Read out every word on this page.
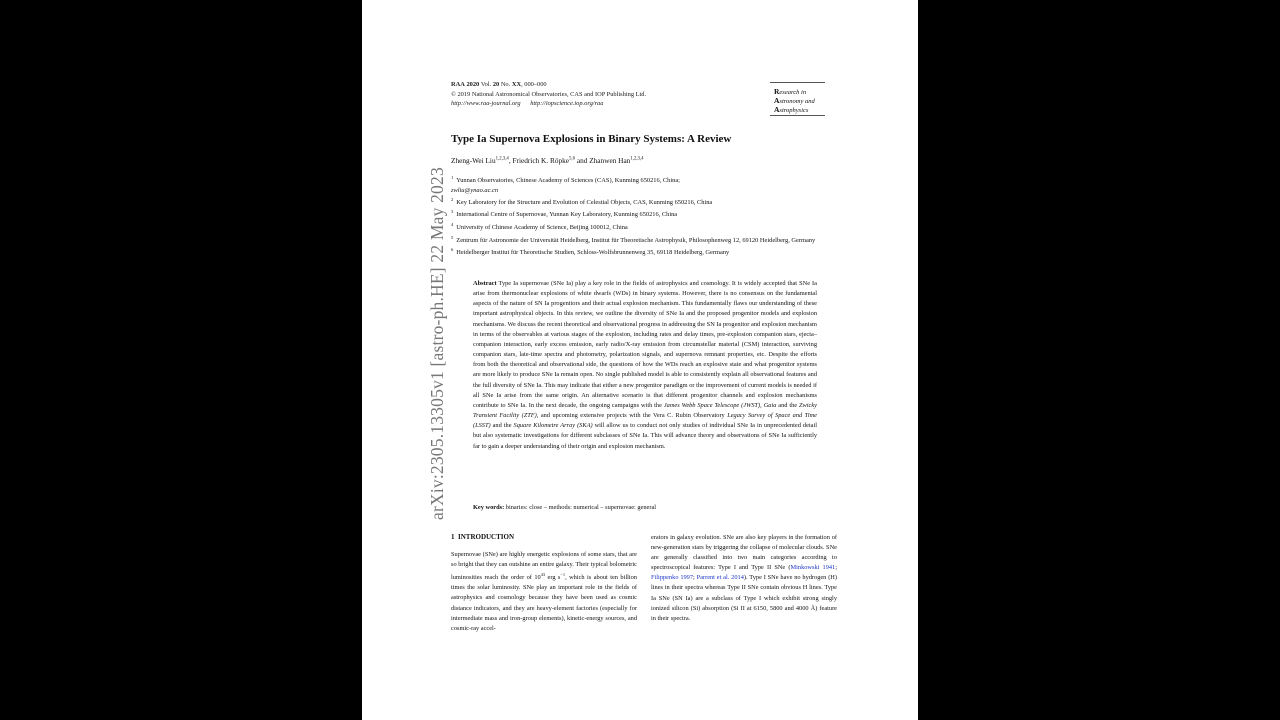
arXiv:2305.13305v1 [astro-ph.HE] 22 May 2023
RAA 2020 Vol. 20 No. XX, 000–000
© 2019 National Astronomical Observatories, CAS and IOP Publishing Ltd.
http://www.raa-journal.org http://iopscience.iop.org/raa
Research in
Astronomy and
Astrophysics
Type Ia Supernova Explosions in Binary Systems: A Review
Zheng-Wei Liu$^{1,2,3,4}$, Friedrich K. Röpke$^{5,6}$ and Zhanwen Han$^{1,2,3,4}$
$^1$ Yunnan Observatories, Chinese Academy of Sciences (CAS), Kunming 650216, China;
zwliu@ynao.ac.cn
$^2$ Key Laboratory for the Structure and Evolution of Celestial Objects, CAS, Kunming 650216, China
$^3$ International Centre of Supernovae, Yunnan Key Laboratory, Kunming 650216, China
$^4$ University of Chinese Academy of Science, Beijing 100012, China
$^5$ Zentrum für Astronomie der Universität Heidelberg, Institut für Theoretische Astrophysik, Philosophenweg 12, 69120 Heidelberg, Germany
$^6$ Heidelberger Institut für Theoretische Studien, Schloss-Wolfsbrunnenweg 35, 69118 Heidelberg, Germany
Abstract Type Ia supernovae (SNe Ia) play a key role in the fields of astrophysics and cosmology. It is widely accepted that SNe Ia arise from thermonuclear explosions of white dwarfs (WDs) in binary systems. However, there is no consensus on the fundamental aspects of the nature of SN Ia progenitors and their actual explosion mechanism. This fundamentally flaws our understanding of these important astrophysical objects. In this review, we outline the diversity of SNe Ia and the proposed progenitor models and explosion mechanisms. We discuss the recent theoretical and observational progress in addressing the SN Ia progenitor and explosion mechanism in terms of the observables at various stages of the explosion, including rates and delay times, pre-explosion companion stars, ejecta–companion interaction, early excess emission, early radio/X-ray emission from circumstellar material (CSM) interaction, surviving companion stars, late-time spectra and photometry, polarization signals, and supernova remnant properties, etc. Despite the efforts from both the theoretical and observational side, the questions of how the WDs reach an explosive state and what progenitor systems are more likely to produce SNe Ia remain open. No single published model is able to consistently explain all observational features and the full diversity of SNe Ia. This may indicate that either a new progenitor paradigm or the improvement of current models is needed if all SNe Ia arise from the same origin. An alternative scenario is that different progenitor channels and explosion mechanisms contribute to SNe Ia. In the next decade, the ongoing campaigns with the James Webb Space Telescope (JWST), Gaia and the Zwicky Transient Facility (ZTF), and upcoming extensive projects with the Vera C. Rubin Observatory Legacy Survey of Space and Time (LSST) and the Square Kilometre Array (SKA) will allow us to conduct not only studies of individual SNe Ia in unprecedented detail but also systematic investigations for different subclasses of SNe Ia. This will advance theory and observations of SNe Ia sufficiently far to gain a deeper understanding of their origin and explosion mechanism.
Key words: binaries: close – methods: numerical – supernovae: general
1 INTRODUCTION
Supernovae (SNe) are highly energetic explosions of some stars, that are so bright that they can outshine an entire galaxy. Their typical bolometric luminosities reach the order of $10^{43}$ erg $s^{-1}$, which is about ten billion times the solar luminosity. SNe play an important role in the fields of astrophysics and cosmology because they have been used as cosmic distance indicators, and they are heavy-element factories (especially for intermediate mass and iron-group elements), kinetic-energy sources, and cosmic-ray accel-
erators in galaxy evolution. SNe are also key players in the formation of new-generation stars by triggering the collapse of molecular clouds. SNe are generally classified into two main categories according to spectroscopical features: Type I and Type II SNe (Minkowski 1941; Filippenko 1997; Parrent et al. 2014). Type I SNe have no hydrogen (H) lines in their spectra whereas Type II SNe contain obvious H lines. Type Ia SNe (SN Ia) are a subclass of Type I which exhibit strong singly ionized silicon (Si) absorption (Si II at 6150, 5800 and 4000 Å) feature in their spectra.
